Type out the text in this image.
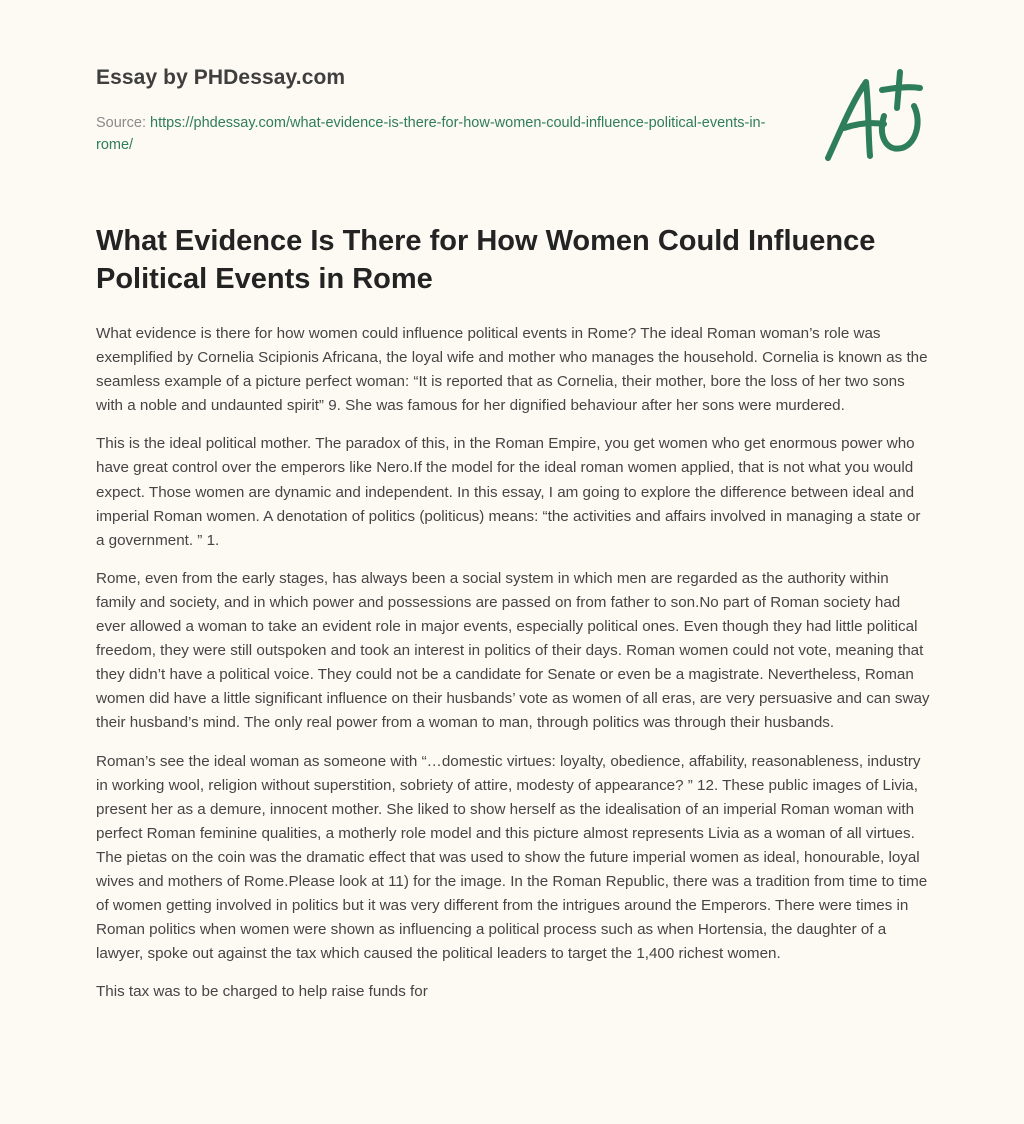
Essay by PHDessay.com
Source: https://phdessay.com/what-evidence-is-there-for-how-women-could-influence-political-events-in-rome/
What Evidence Is There for How Women Could Influence Political Events in Rome

What evidence is there for how women could influence political events in Rome? The ideal Roman woman’s role was exemplified by Cornelia Scipionis Africana, the loyal wife and mother who manages the household. Cornelia is known as the seamless example of a picture perfect woman: “It is reported that as Cornelia, their mother, bore the loss of her two sons with a noble and undaunted spirit” 9. She was famous for her dignified behaviour after her sons were murdered.

This is the ideal political mother. The paradox of this, in the Roman Empire, you get women who get enormous power who have great control over the emperors like Nero.If the model for the ideal roman women applied, that is not what you would expect. Those women are dynamic and independent. In this essay, I am going to explore the difference between ideal and imperial Roman women. A denotation of politics (politicus) means: “the activities and affairs involved in managing a state or a government. ” 1.

Rome, even from the early stages, has always been a social system in which men are regarded as the authority within family and society, and in which power and possessions are passed on from father to son.No part of Roman society had ever allowed a woman to take an evident role in major events, especially political ones. Even though they had little political freedom, they were still outspoken and took an interest in politics of their days. Roman women could not vote, meaning that they didn’t have a political voice. They could not be a candidate for Senate or even be a magistrate. Nevertheless, Roman women did have a little significant influence on their husbands’ vote as women of all eras, are very persuasive and can sway their husband’s mind. The only real power from a woman to man, through politics was through their husbands.

Roman’s see the ideal woman as someone with “…domestic virtues: loyalty, obedience, affability, reasonableness, industry in working wool, religion without superstition, sobriety of attire, modesty of appearance? ” 12. These public images of Livia, present her as a demure, innocent mother. She liked to show herself as the idealisation of an imperial Roman woman with perfect Roman feminine qualities, a motherly role model and this picture almost represents Livia as a woman of all virtues. The pietas on the coin was the dramatic effect that was used to show the future imperial women as ideal, honourable, loyal wives and mothers of Rome.Please look at 11) for the image. In the Roman Republic, there was a tradition from time to time of women getting involved in politics but it was very different from the intrigues around the Emperors. There were times in Roman politics when women were shown as influencing a political process such as when Hortensia, the daughter of a lawyer, spoke out against the tax which caused the political leaders to target the 1,400 richest women.

This tax was to be charged to help raise funds for
